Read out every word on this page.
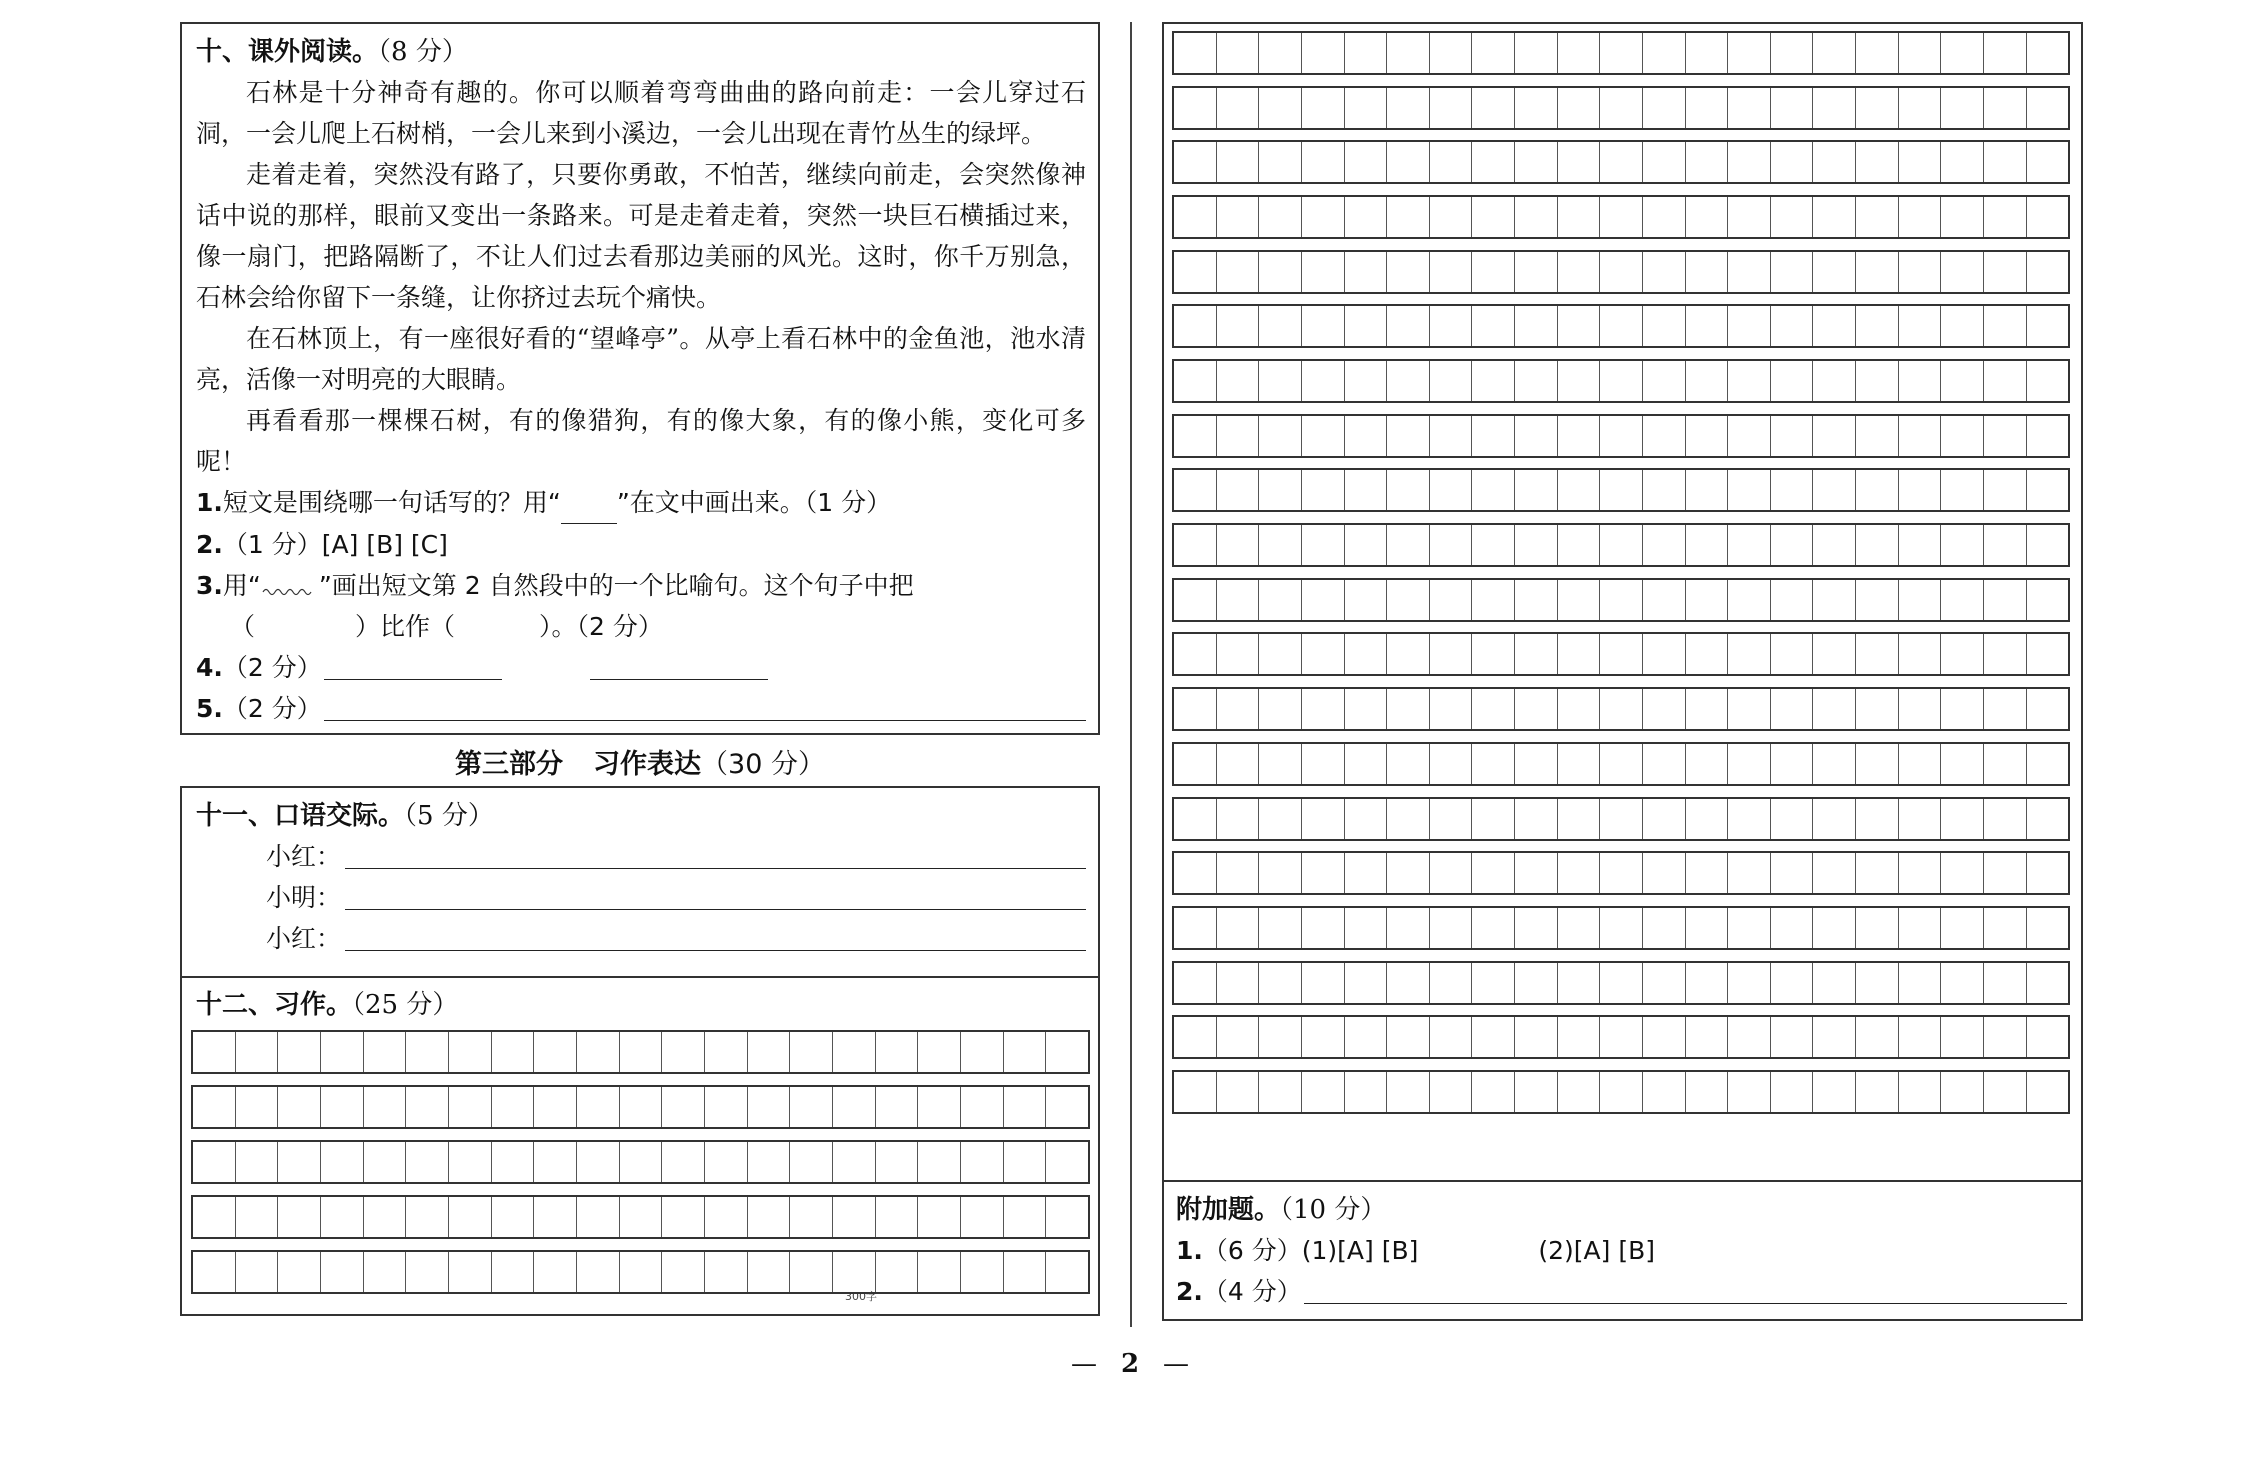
十、课外阅读。（8 分）

石林是十分神奇有趣的。你可以顺着弯弯曲曲的路向前走：一会儿穿过石洞，一会儿爬上石树梢，一会儿来到小溪边，一会儿出现在青竹丛生的绿坪。

走着走着，突然没有路了，只要你勇敢，不怕苦，继续向前走，会突然像神话中说的那样，眼前又变出一条路来。可是走着走着，突然一块巨石横插过来，像一扇门，把路隔断了，不让人们过去看那边美丽的风光。这时，你千万别急，石林会给你留下一条缝，让你挤过去玩个痛快。

在石林顶上，有一座很好看的“望峰亭”。从亭上看石林中的金鱼池，池水清亮，活像一对明亮的大眼睛。

再看看那一棵棵石树，有的像猎狗，有的像大象，有的像小熊，变化可多呢！

1.短文是围绕哪一句话写的？用“ ”在文中画出来。（1 分）
2.（1 分）[A] [B] [C]
3.用“ ”画出短文第 2 自然段中的一个比喻句。这个句子中把
（	）比作（	）。（2 分）
4. （2 分）
5. （2 分）
第三部分 习作表达（30 分）
十一、口语交际。（5 分）
小红：
小明：
小红：
十二、习作。（25 分）
300字
附加题。（10 分）
1.（6 分）(1)[A] [B]	(2)[A] [B]
2. （4 分）
— 2 —
